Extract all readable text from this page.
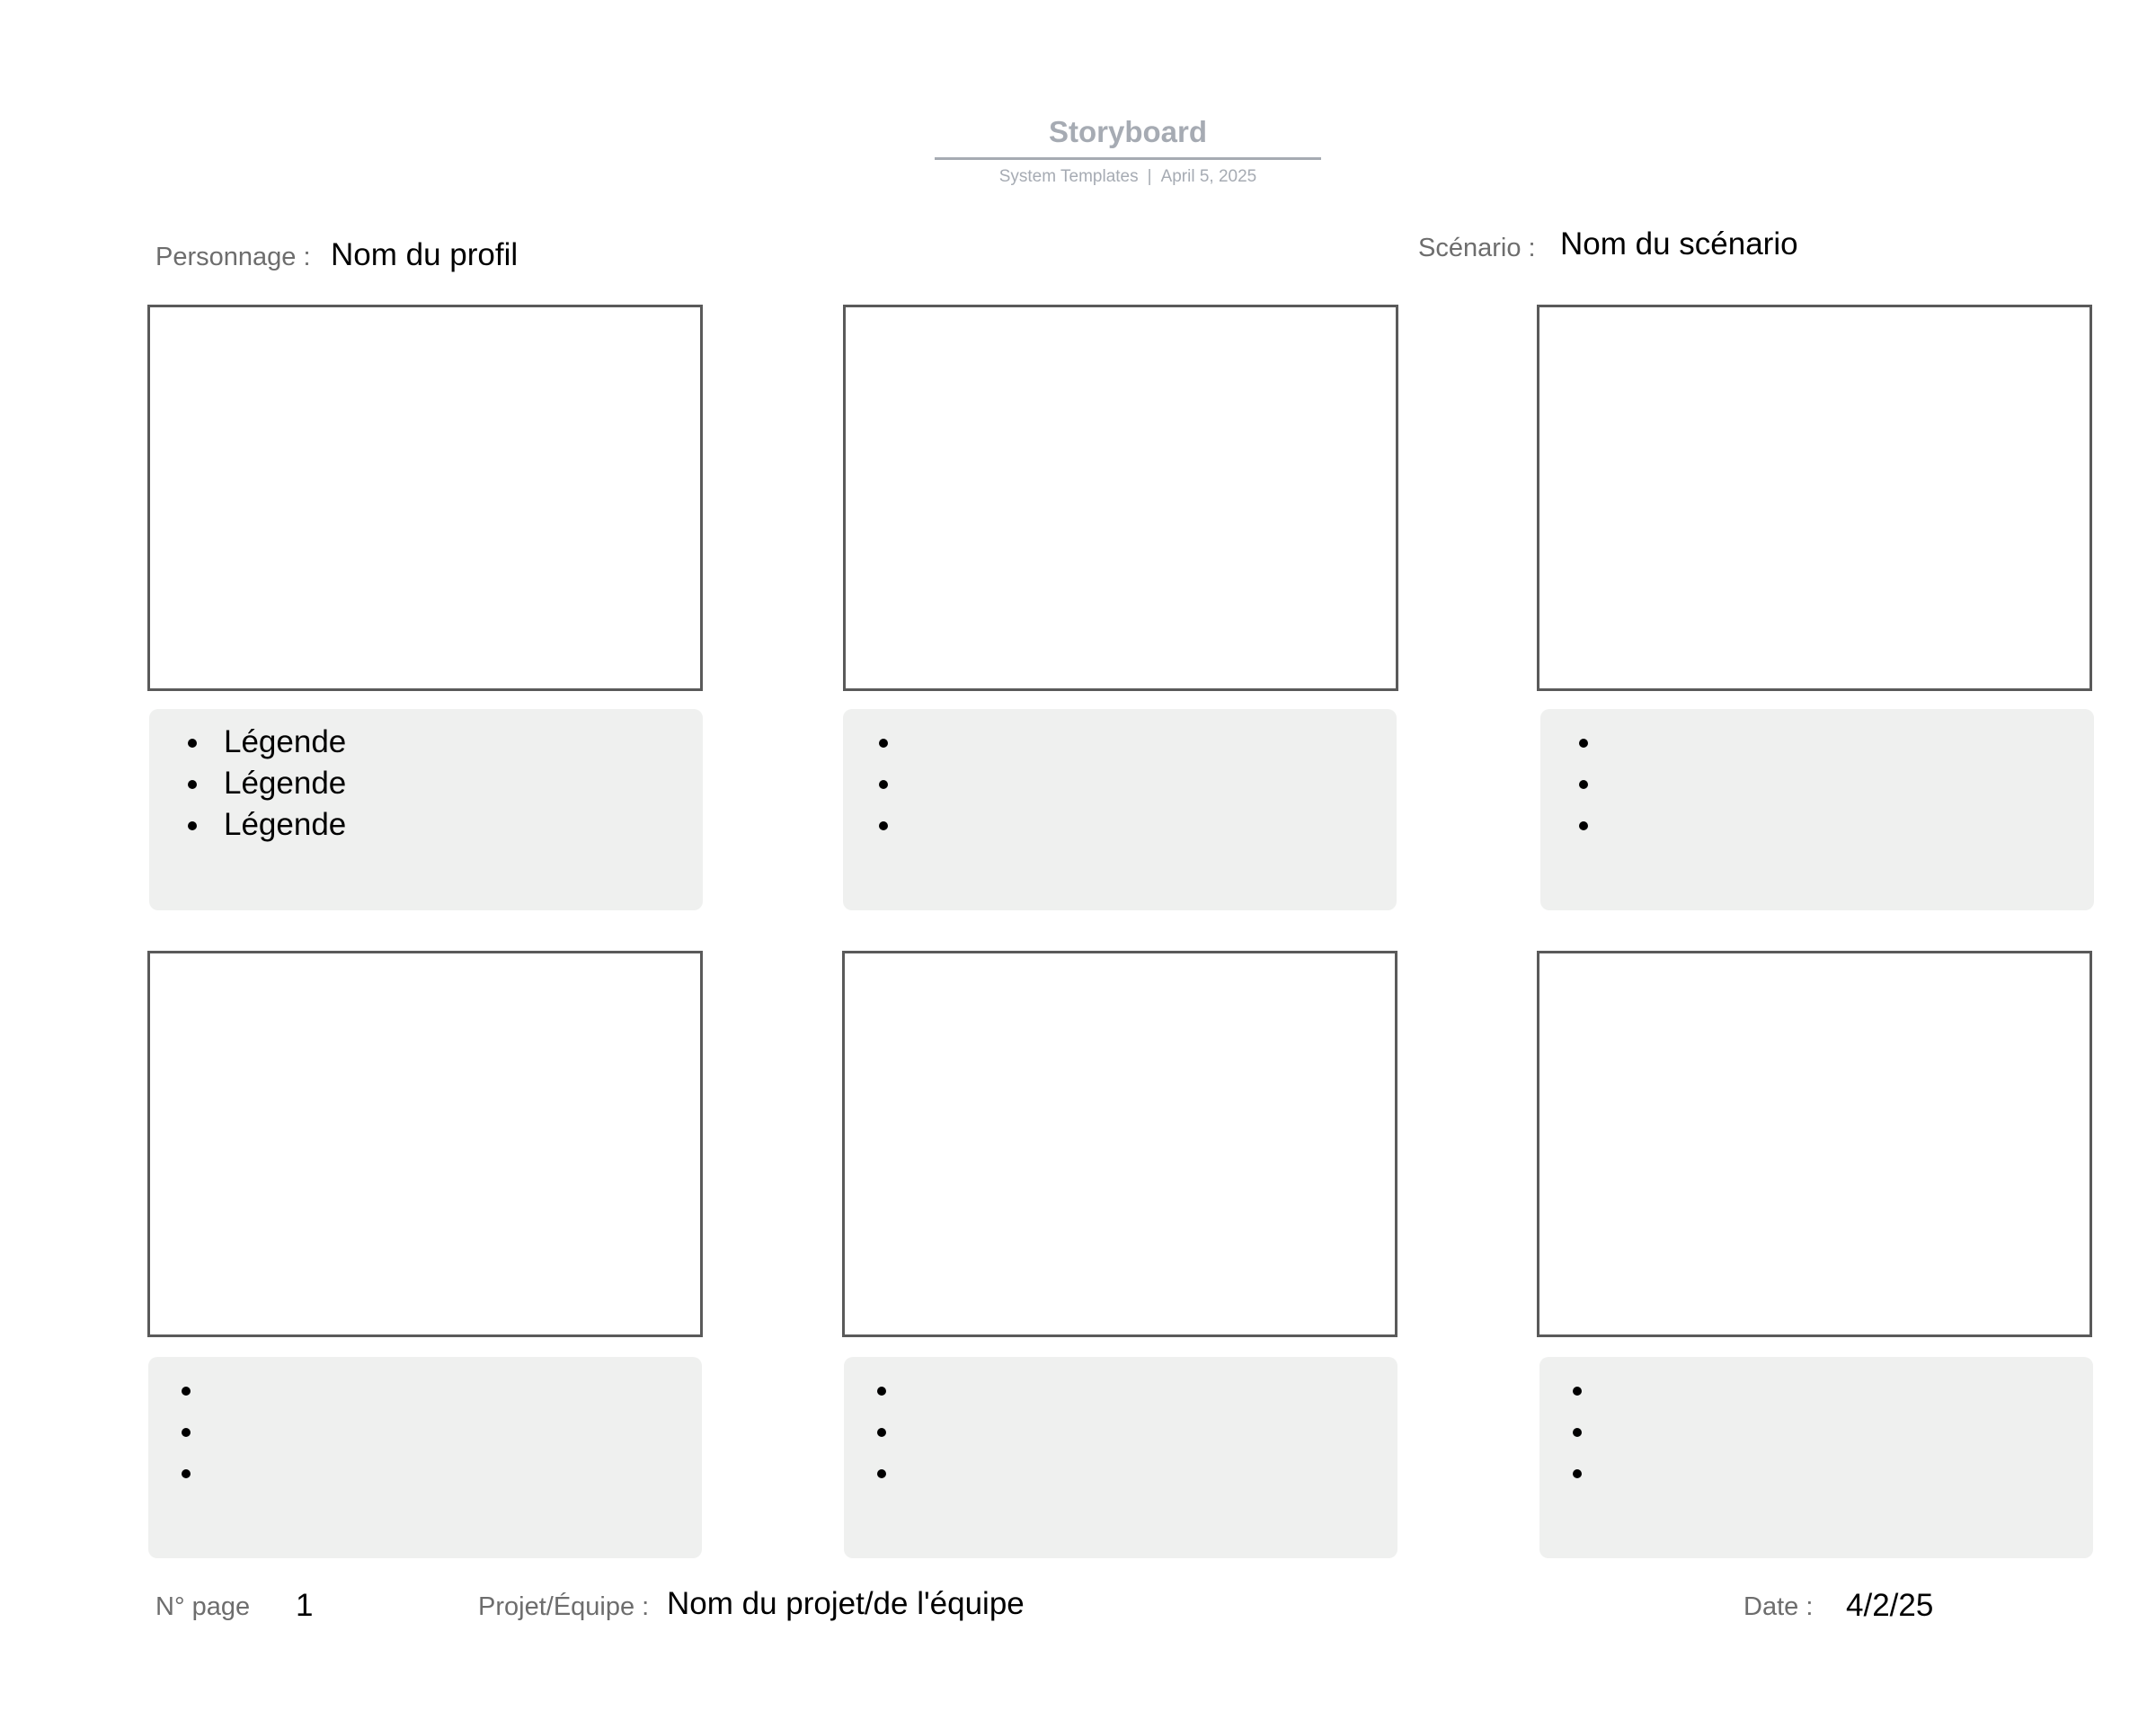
Storyboard
System Templates | April 5, 2025
Personnage : Nom du profil	Scénario : Nom du scénario
Légende
Légende
Légende
N° page 1	Projet/Équipe : Nom du projet/de l'équipe	Date : 4/2/25
